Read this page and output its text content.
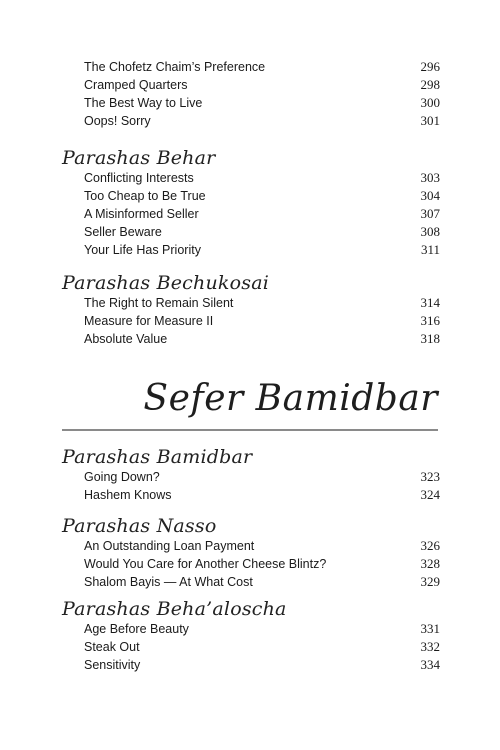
The Chofetz Chaim’s Preference	296
Cramped Quarters	298
The Best Way to Live	300
Oops! Sorry	301
Parashas Behar
Conflicting Interests	303
Too Cheap to Be True	304
A Misinformed Seller	307
Seller Beware	308
Your Life Has Priority	311
Parashas Bechukosai
The Right to Remain Silent	314
Measure for Measure II	316
Absolute Value	318
Sefer Bamidbar
Parashas Bamidbar
Going Down?	323
Hashem Knows	324
Parashas Nasso
An Outstanding Loan Payment	326
Would You Care for Another Cheese Blintz?	328
Shalom Bayis — At What Cost	329
Parashas Beha’aloscha
Age Before Beauty	331
Steak Out	332
Sensitivity	334
